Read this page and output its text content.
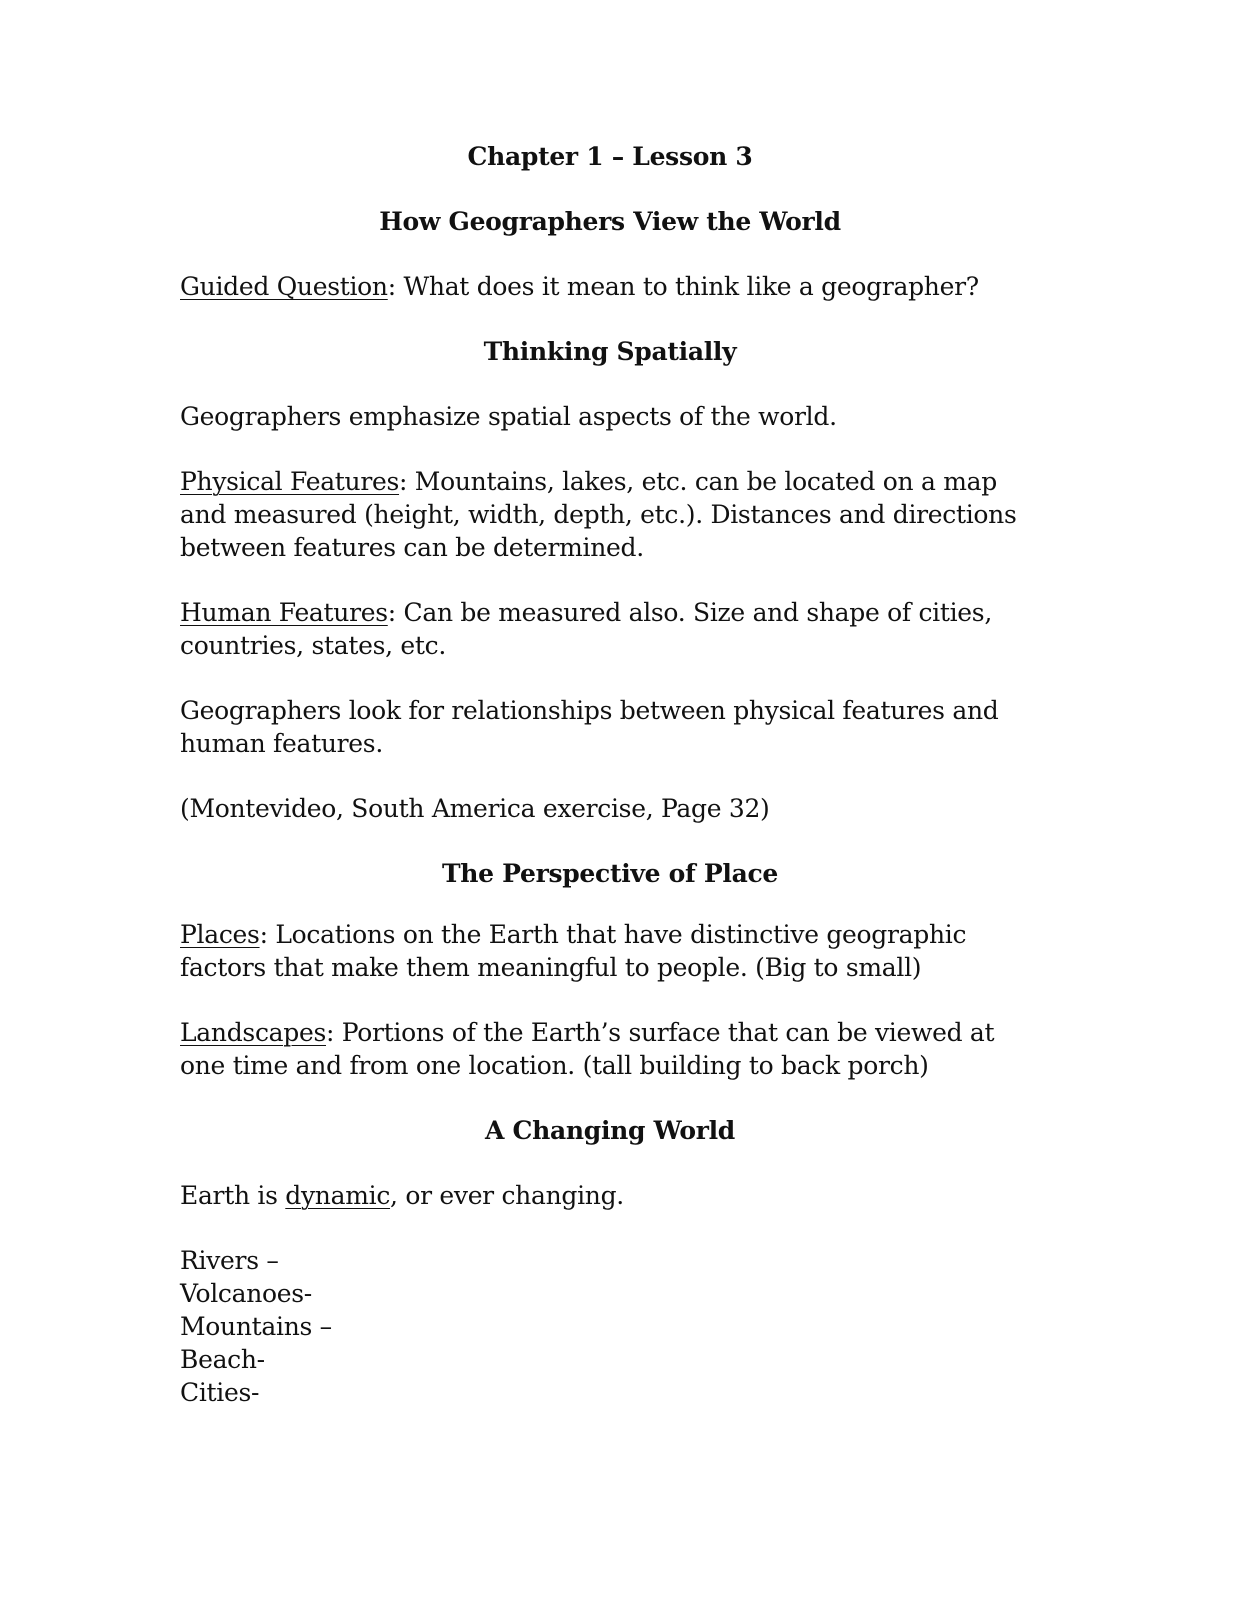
Chapter 1 – Lesson 3

How Geographers View the World

Guided Question: What does it mean to think like a geographer?

Thinking Spatially

Geographers emphasize spatial aspects of the world.

Physical Features: Mountains, lakes, etc. can be located on a map and measured (height, width, depth, etc.). Distances and directions between features can be determined.

Human Features: Can be measured also. Size and shape of cities, countries, states, etc.

Geographers look for relationships between physical features and human features.

(Montevideo, South America exercise, Page 32)

The Perspective of Place

Places: Locations on the Earth that have distinctive geographic factors that make them meaningful to people. (Big to small)

Landscapes: Portions of the Earth’s surface that can be viewed at one time and from one location. (tall building to back porch)

A Changing World

Earth is dynamic, or ever changing.

Rivers –
Volcanoes-
Mountains –
Beach-
Cities-
